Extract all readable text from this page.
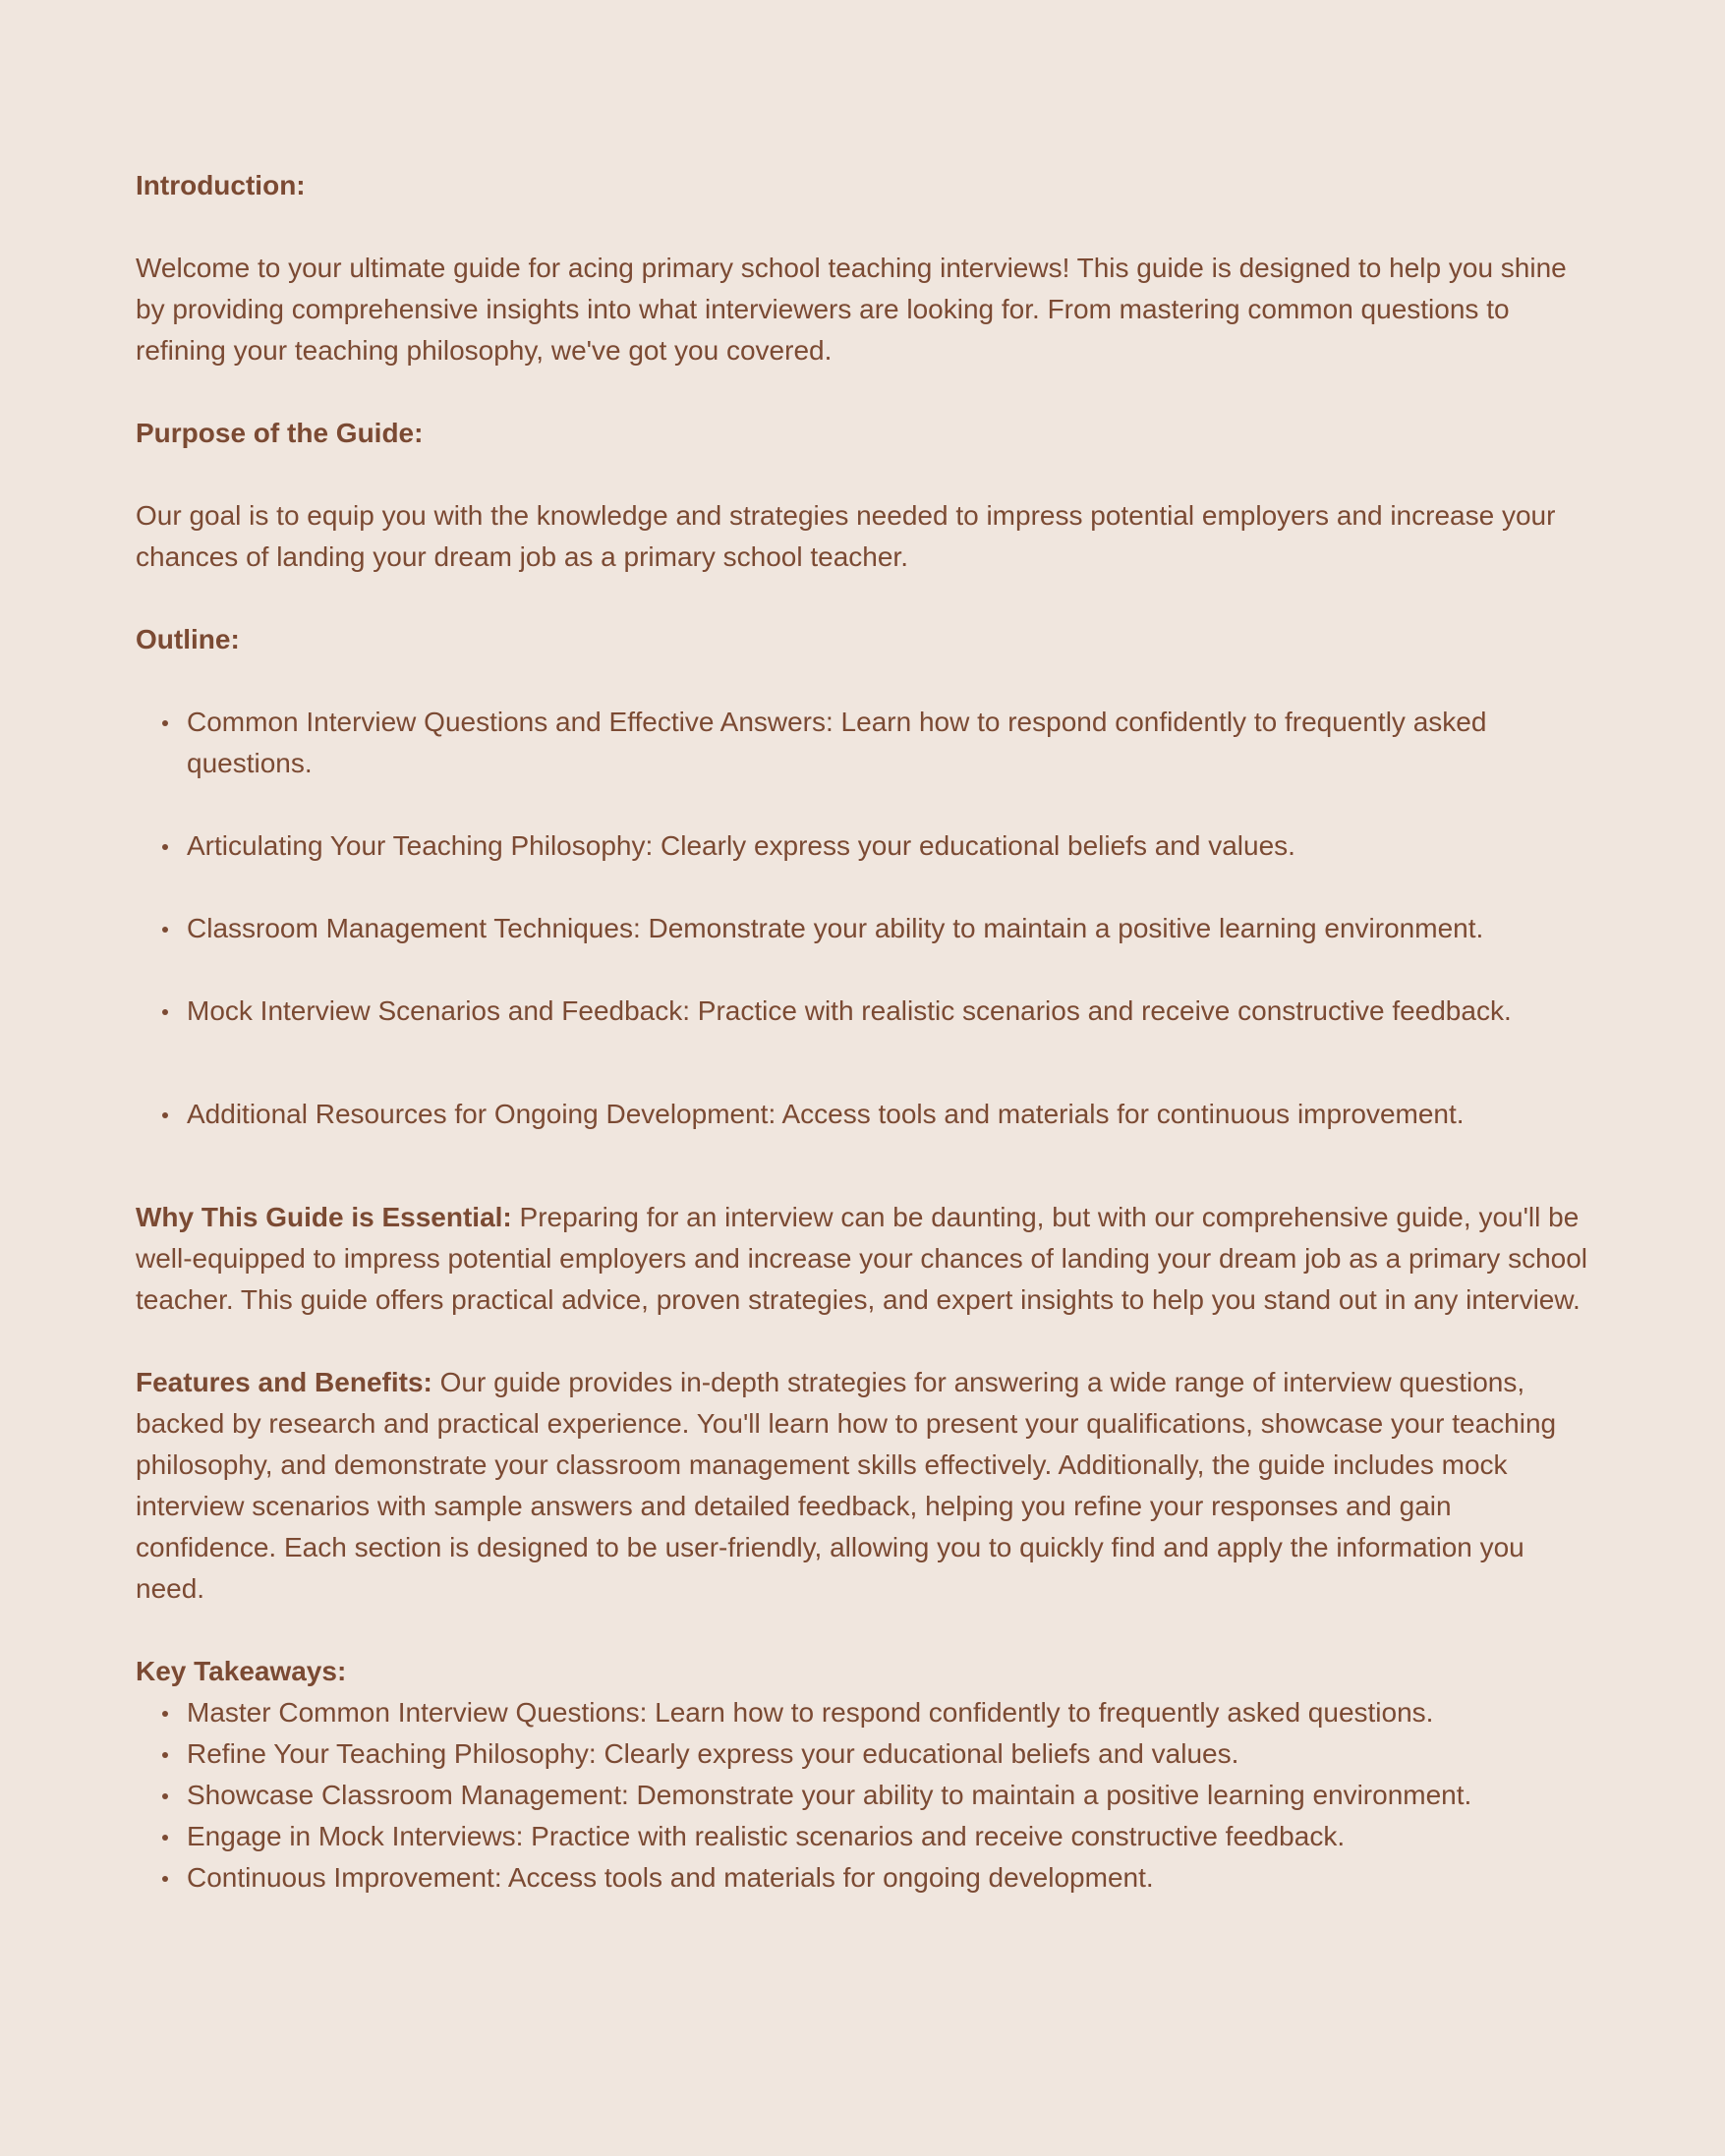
Introduction:

Welcome to your ultimate guide for acing primary school teaching interviews! This guide is designed to help you shine by providing comprehensive insights into what interviewers are looking for. From mastering common questions to refining your teaching philosophy, we've got you covered.

Purpose of the Guide:

Our goal is to equip you with the knowledge and strategies needed to impress potential employers and increase your chances of landing your dream job as a primary school teacher.

Outline:

Common Interview Questions and Effective Answers: Learn how to respond confidently to frequently asked questions.
Articulating Your Teaching Philosophy: Clearly express your educational beliefs and values.
Classroom Management Techniques: Demonstrate your ability to maintain a positive learning environment.
Mock Interview Scenarios and Feedback: Practice with realistic scenarios and receive constructive feedback.
Additional Resources for Ongoing Development: Access tools and materials for continuous improvement.

Why This Guide is Essential: Preparing for an interview can be daunting, but with our comprehensive guide, you'll be well-equipped to impress potential employers and increase your chances of landing your dream job as a primary school teacher. This guide offers practical advice, proven strategies, and expert insights to help you stand out in any interview.

Features and Benefits: Our guide provides in-depth strategies for answering a wide range of interview questions, backed by research and practical experience. You'll learn how to present your qualifications, showcase your teaching philosophy, and demonstrate your classroom management skills effectively. Additionally, the guide includes mock interview scenarios with sample answers and detailed feedback, helping you refine your responses and gain confidence. Each section is designed to be user-friendly, allowing you to quickly find and apply the information you need.

Key Takeaways:

Master Common Interview Questions: Learn how to respond confidently to frequently asked questions.
Refine Your Teaching Philosophy: Clearly express your educational beliefs and values.
Showcase Classroom Management: Demonstrate your ability to maintain a positive learning environment.
Engage in Mock Interviews: Practice with realistic scenarios and receive constructive feedback.
Continuous Improvement: Access tools and materials for ongoing development.
